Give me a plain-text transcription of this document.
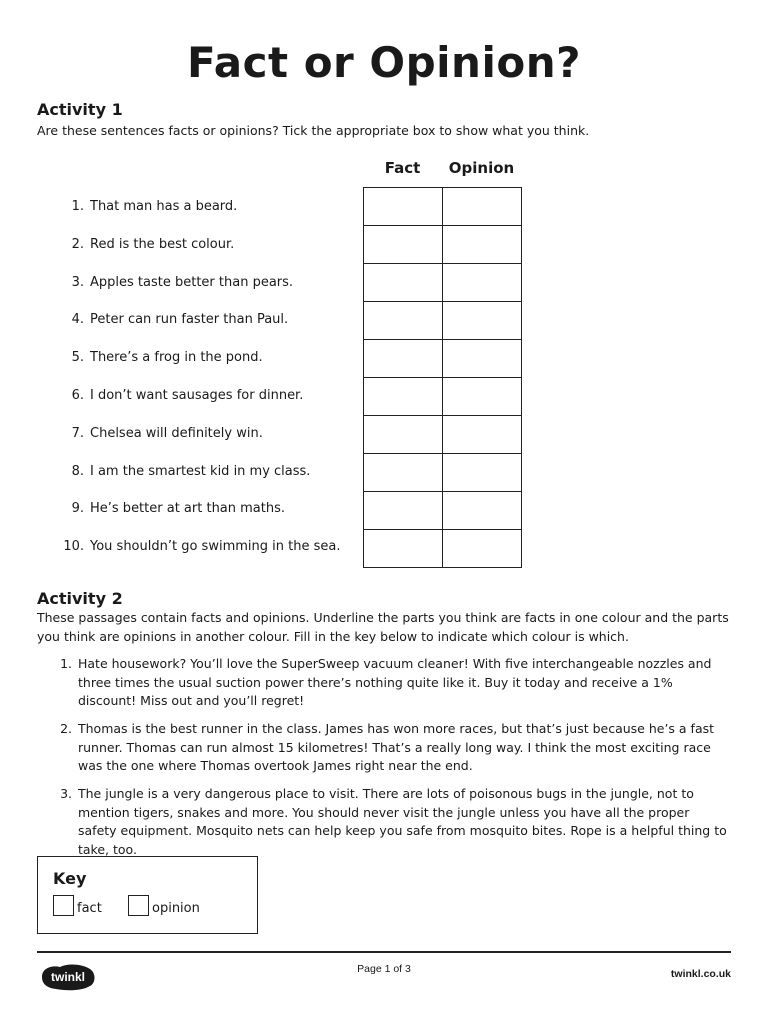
Fact or Opinion?
Activity 1
Are these sentences facts or opinions? Tick the appropriate box to show what you think.
Fact	Opinion
1. That man has a beard.
2. Red is the best colour.
3. Apples taste better than pears.
4. Peter can run faster than Paul.
5. There’s a frog in the pond.
6. I don’t want sausages for dinner.
7. Chelsea will definitely win.
8. I am the smartest kid in my class.
9. He’s better at art than maths.
10. You shouldn’t go swimming in the sea.

Activity 2
These passages contain facts and opinions. Underline the parts you think are facts in one colour and the parts you think are opinions in another colour. Fill in the key below to indicate which colour is which.
1. Hate housework? You’ll love the SuperSweep vacuum cleaner! With five interchangeable nozzles and three times the usual suction power there’s nothing quite like it. Buy it today and receive a 1% discount! Miss out and you’ll regret!
2. Thomas is the best runner in the class. James has won more races, but that’s just because he’s a fast runner. Thomas can run almost 15 kilometres! That’s a really long way. I think the most exciting race was the one where Thomas overtook James right near the end.
3. The jungle is a very dangerous place to visit. There are lots of poisonous bugs in the jungle, not to mention tigers, snakes and more. You should never visit the jungle unless you have all the proper safety equipment. Mosquito nets can help keep you safe from mosquito bites. Rope is a helpful thing to take, too.
Key
fact	opinion
twinkl
Page 1 of 3	twinkl.co.uk
